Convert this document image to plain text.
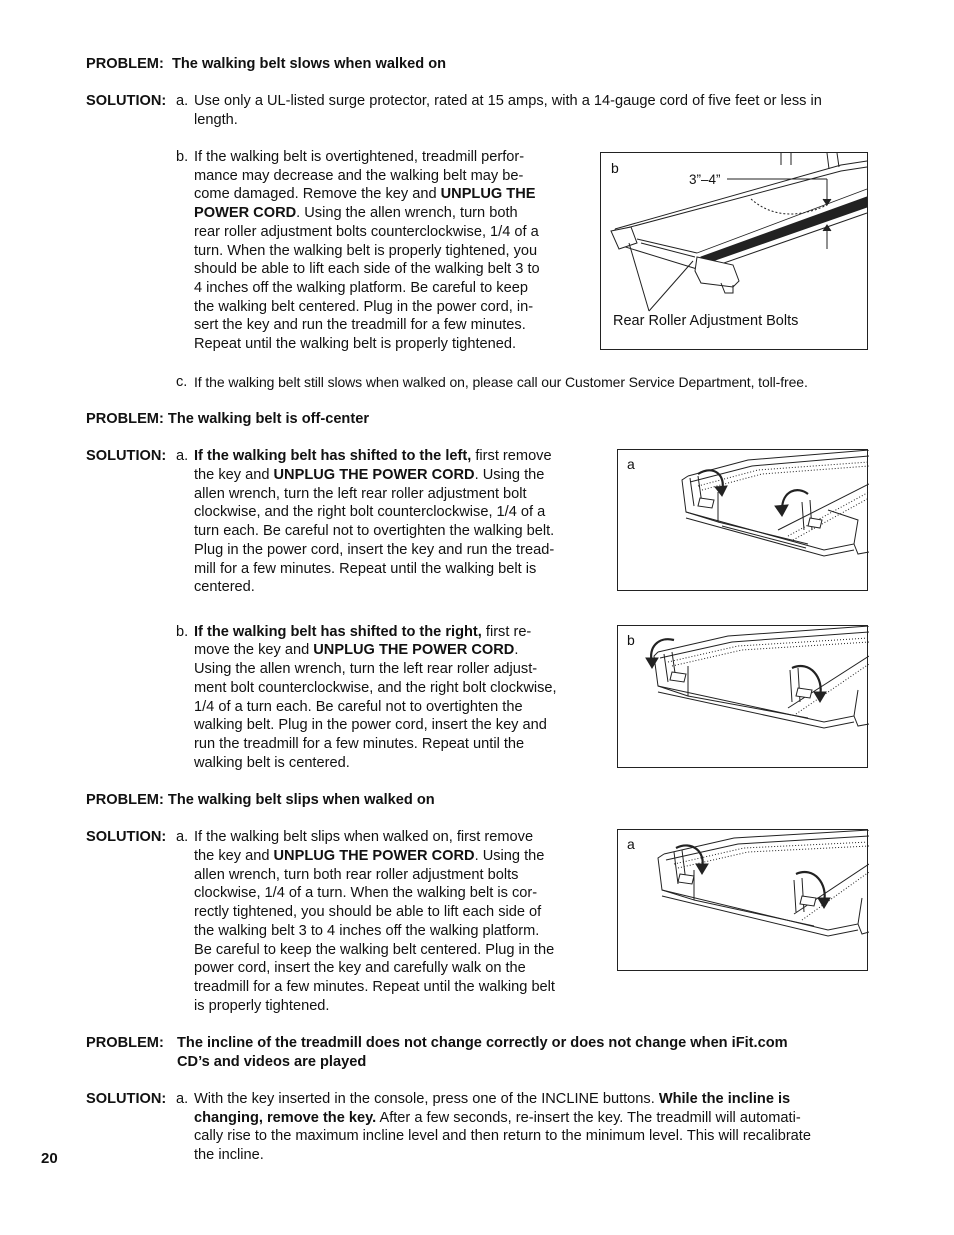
PROBLEM: The walking belt slows when walked on
SOLUTION: a. Use only a UL-listed surge protector, rated at 15 amps, with a 14-gauge cord of five feet or less in
length.
b. If the walking belt is overtightened, treadmill perfor-
mance may decrease and the walking belt may be-
come damaged. Remove the key and UNPLUG THE
POWER CORD. Using the allen wrench, turn both
rear roller adjustment bolts counterclockwise, 1/4 of a
turn. When the walking belt is properly tightened, you
should be able to lift each side of the walking belt 3 to
4 inches off the walking platform. Be careful to keep
the walking belt centered. Plug in the power cord, in-
sert the key and run the treadmill for a few minutes.
Repeat until the walking belt is properly tightened.
c. If the walking belt still slows when walked on, please call our Customer Service Department, toll-free.
b
3”–4”
Rear Roller Adjustment Bolts
PROBLEM: The walking belt is off-center
SOLUTION: a. If the walking belt has shifted to the left, first remove
the key and UNPLUG THE POWER CORD. Using the
allen wrench, turn the left rear roller adjustment bolt
clockwise, and the right bolt counterclockwise, 1/4 of a
turn each. Be careful not to overtighten the walking belt.
Plug in the power cord, insert the key and run the tread-
mill for a few minutes. Repeat until the walking belt is
centered.
b. If the walking belt has shifted to the right, first re-
move the key and UNPLUG THE POWER CORD.
Using the allen wrench, turn the left rear roller adjust-
ment bolt counterclockwise, and the right bolt clockwise,
1/4 of a turn each. Be careful not to overtighten the
walking belt. Plug in the power cord, insert the key and
run the treadmill for a few minutes. Repeat until the
walking belt is centered.
a
b
PROBLEM: The walking belt slips when walked on
SOLUTION: a. If the walking belt slips when walked on, first remove
the key and UNPLUG THE POWER CORD. Using the
allen wrench, turn both rear roller adjustment bolts
clockwise, 1/4 of a turn. When the walking belt is cor-
rectly tightened, you should be able to lift each side of
the walking belt 3 to 4 inches off the walking platform.
Be careful to keep the walking belt centered. Plug in the
power cord, insert the key and carefully walk on the
treadmill for a few minutes. Repeat until the walking belt
is properly tightened.
a
PROBLEM: The incline of the treadmill does not change correctly or does not change when iFit.com
CD’s and videos are played
SOLUTION: a. With the key inserted in the console, press one of the INCLINE buttons. While the incline is
changing, remove the key. After a few seconds, re-insert the key. The treadmill will automati-
cally rise to the maximum incline level and then return to the minimum level. This will recalibrate
the incline.
20
